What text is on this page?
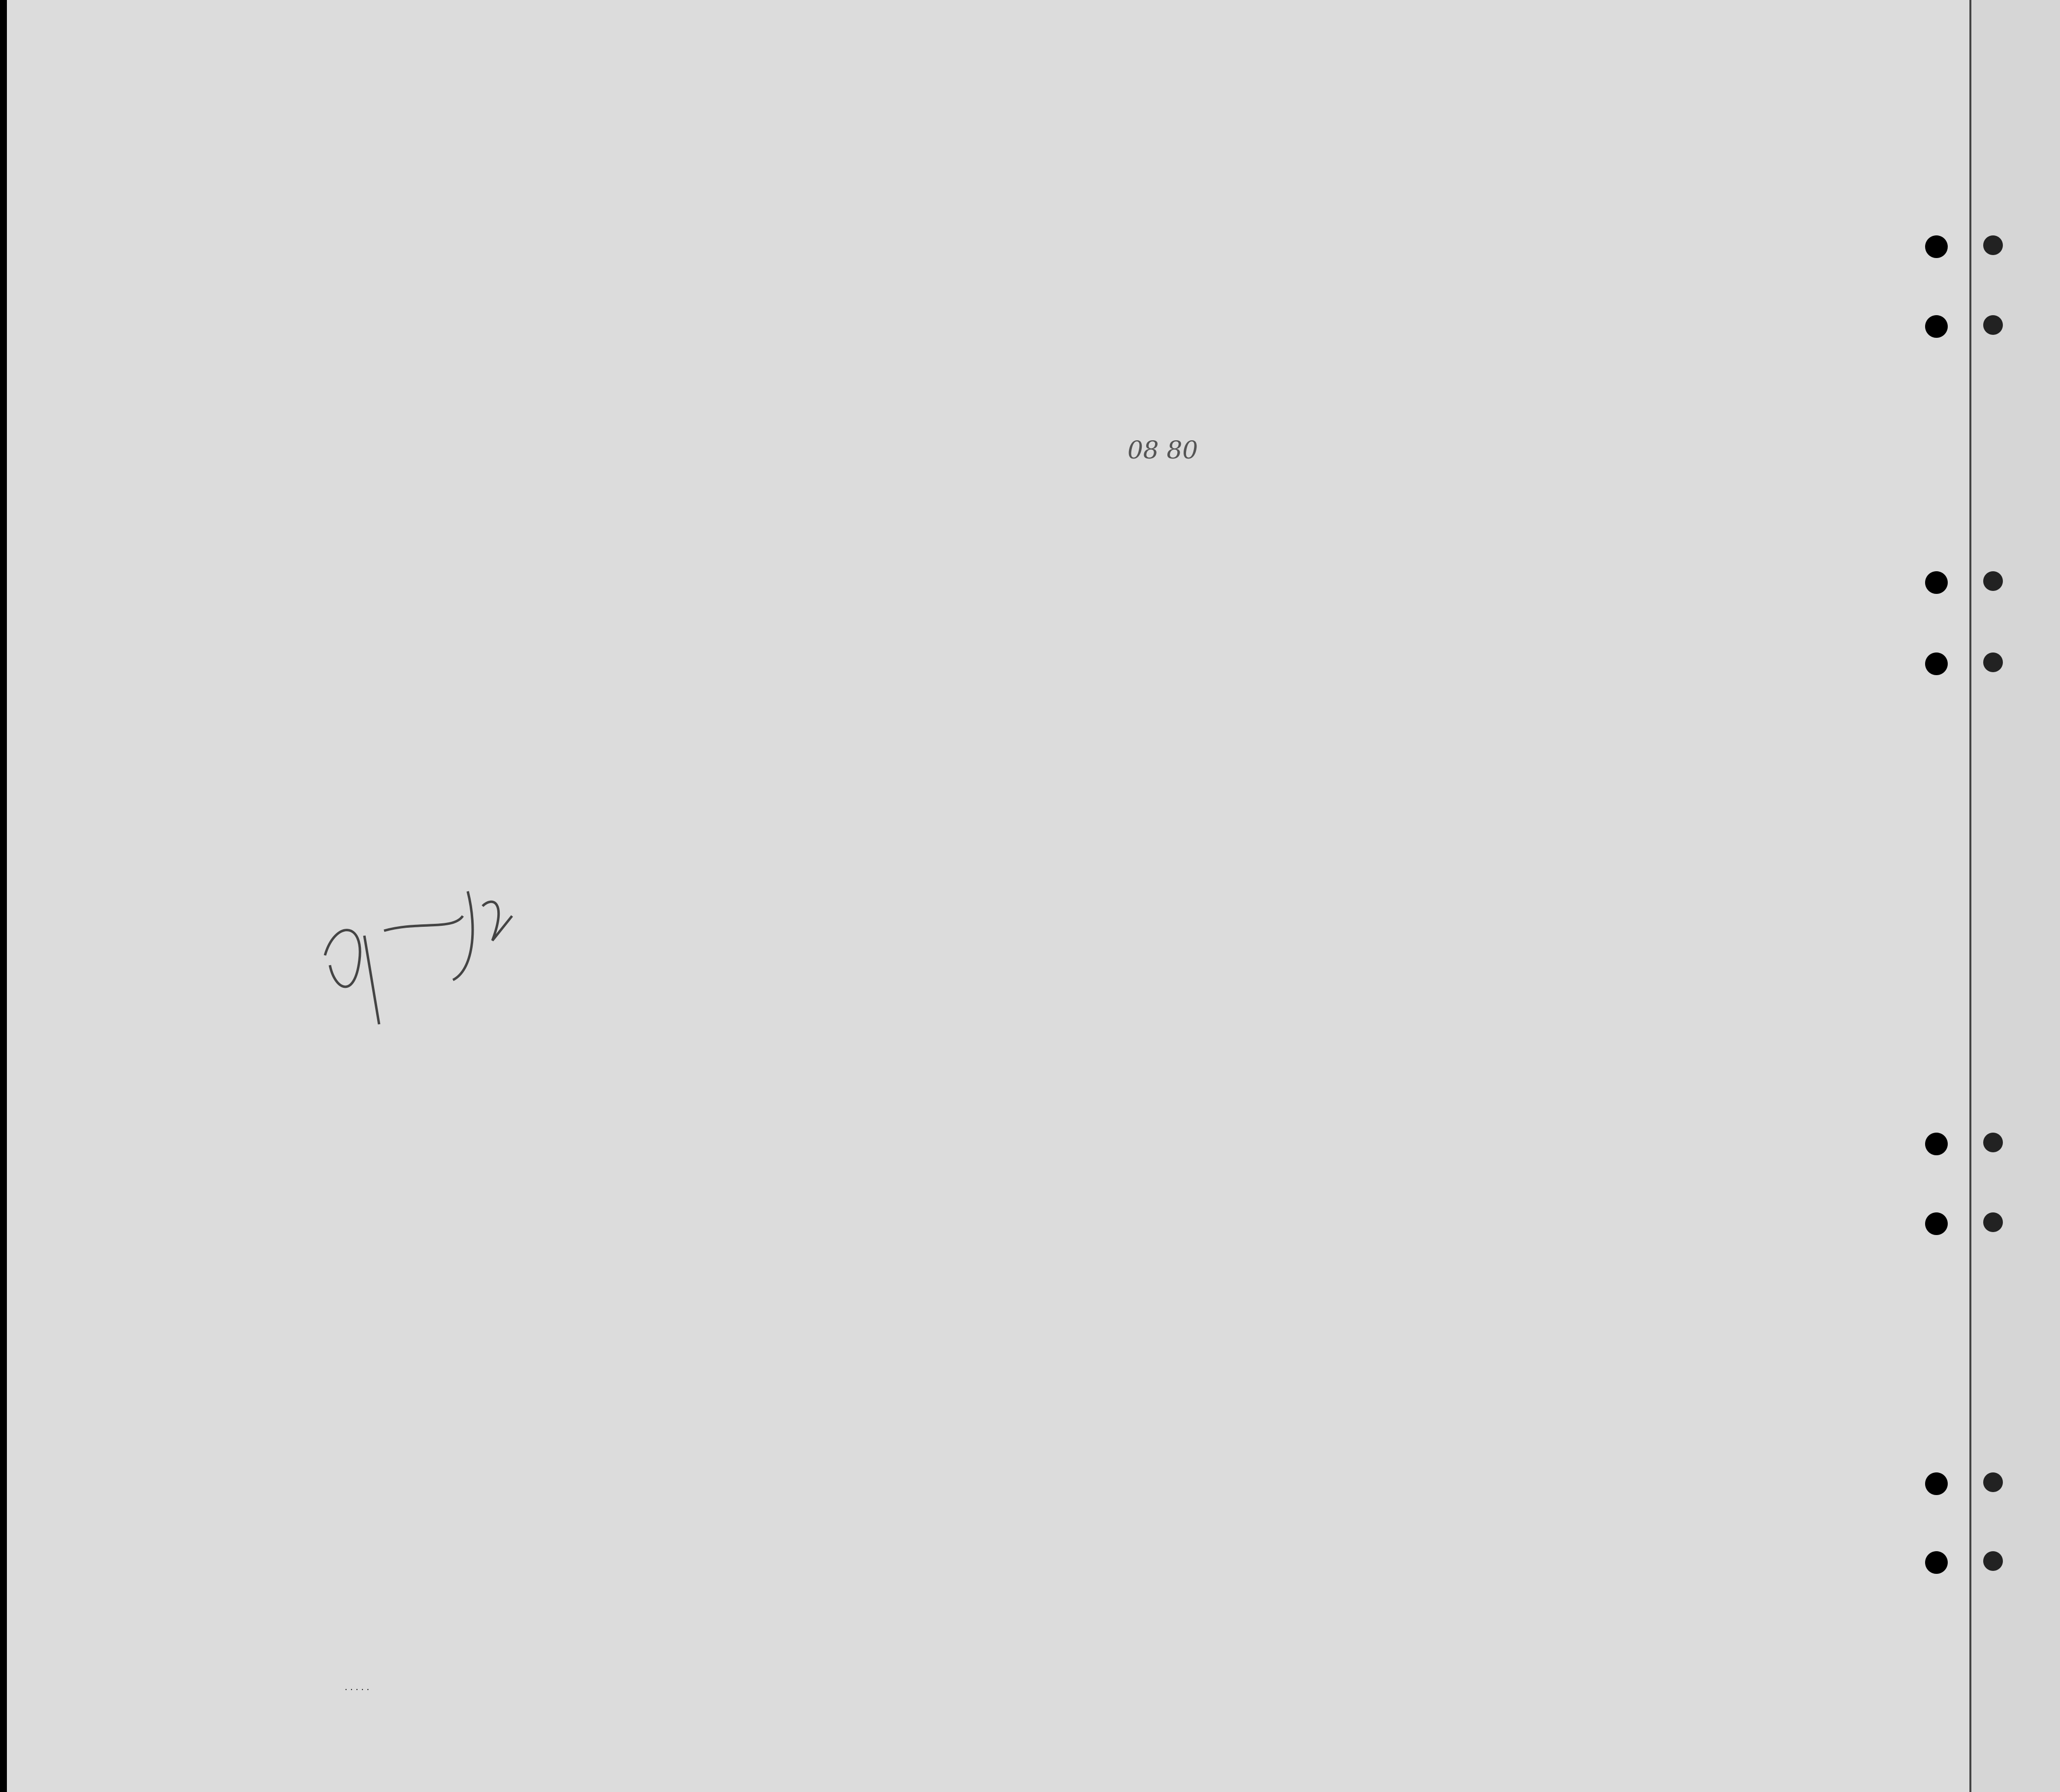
08 80
. . . . .
